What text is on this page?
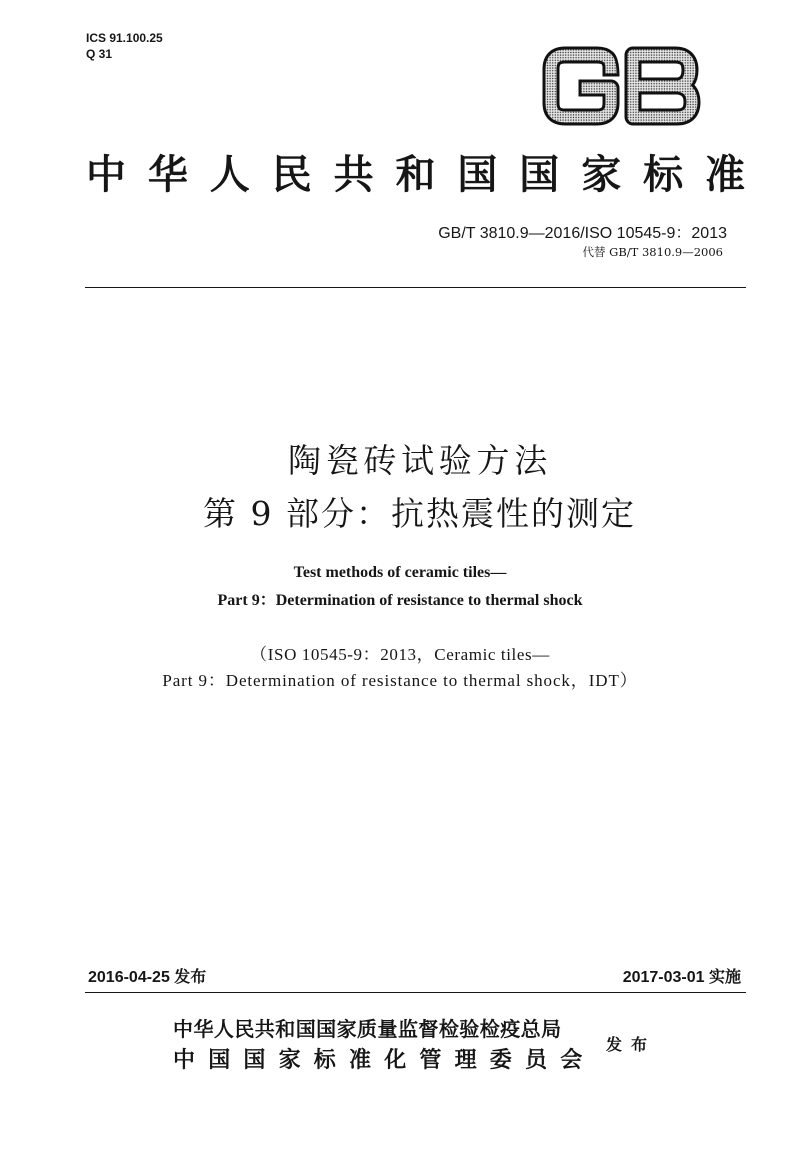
ICS 91.100.25
Q 31
中华人民共和国国家标准
GB/T 3810.9—2016/ISO 10545-9：2013
代替 GB/T 3810.9—2006
陶瓷砖试验方法
第 9 部分：抗热震性的测定
Test methods of ceramic tiles—
Part 9：Determination of resistance to thermal shock
（ISO 10545-9：2013，Ceramic tiles—
Part 9：Determination of resistance to thermal shock，IDT）
2016-04-25 发布	2017-03-01 实施
中华人民共和国国家质量监督检验检疫总局
中国国家标准化管理委员会
发布
